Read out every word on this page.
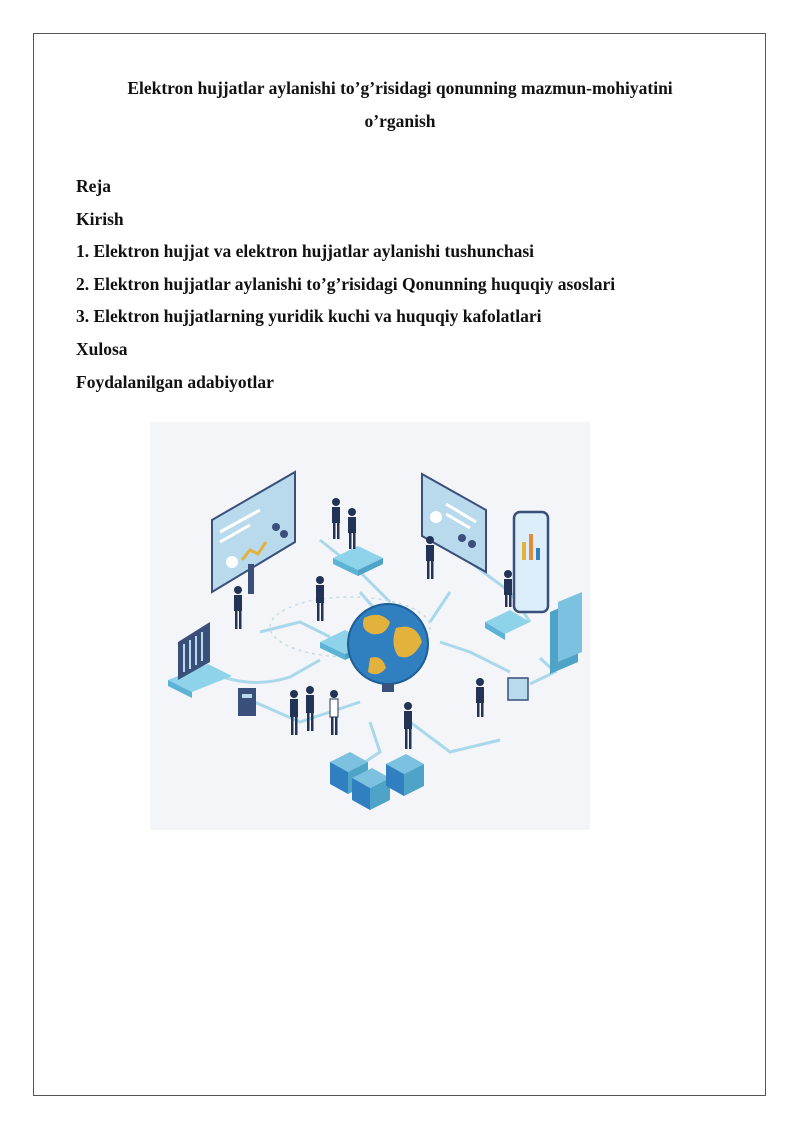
Elektron hujjatlar aylanishi to’g’risidagi qonunning mazmun-mohiyatini
o’rganish
Reja
Kirish
1. Elektron hujjat va elektron hujjatlar aylanishi tushunchasi
2. Elektron hujjatlar aylanishi to’g’risidagi Qonunning huquqiy asoslari
3. Elektron hujjatlarning yuridik kuchi va huquqiy kafolatlari
Xulosa
Foydalanilgan adabiyotlar
